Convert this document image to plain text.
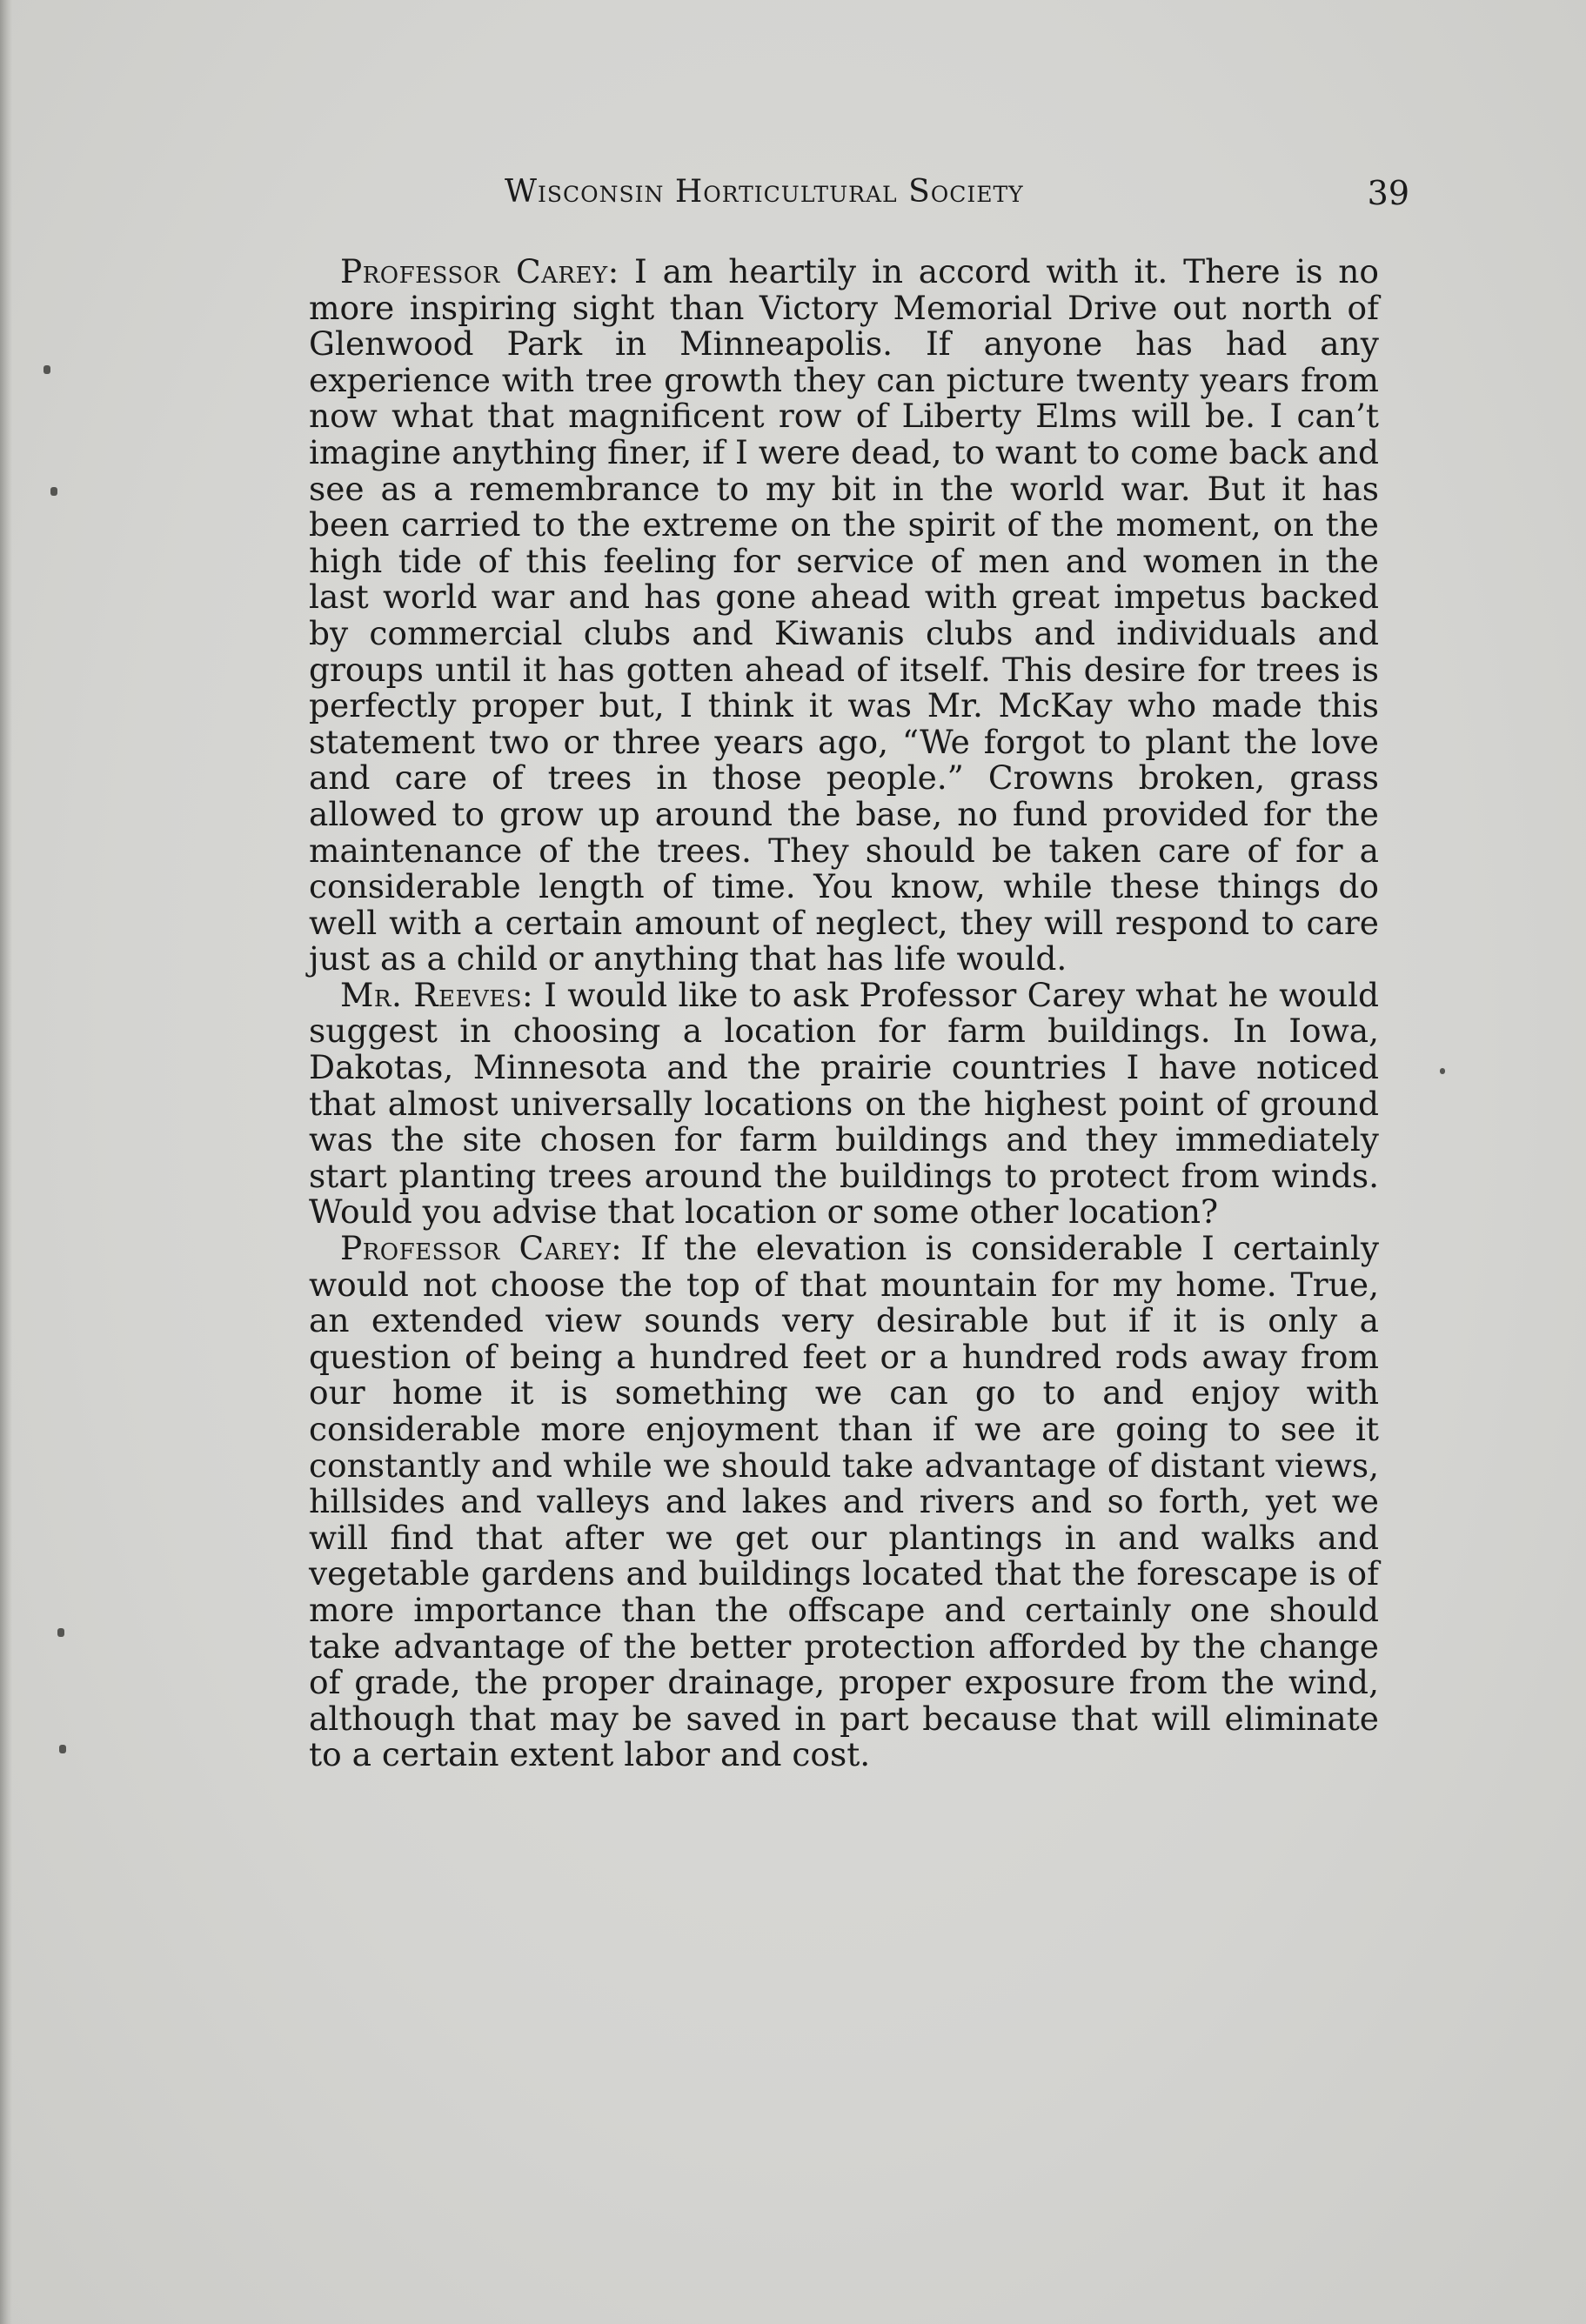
Wisconsin Horticultural Society	39

Professor Carey: I am heartily in accord with it. There is no more inspiring sight than Victory Memorial Drive out north of Glenwood Park in Minneapolis. If anyone has had any experience with tree growth they can picture twenty years from now what that magnificent row of Liberty Elms will be. I can’t imagine anything finer, if I were dead, to want to come back and see as a remembrance to my bit in the world war. But it has been carried to the extreme on the spirit of the moment, on the high tide of this feeling for service of men and women in the last world war and has gone ahead with great impetus backed by commercial clubs and Kiwanis clubs and individuals and groups until it has gotten ahead of itself. This desire for trees is perfectly proper but, I think it was Mr. McKay who made this statement two or three years ago, “We forgot to plant the love and care of trees in those people.” Crowns broken, grass allowed to grow up around the base, no fund provided for the maintenance of the trees. They should be taken care of for a considerable length of time. You know, while these things do well with a certain amount of neglect, they will respond to care just as a child or anything that has life would.

Mr. Reeves: I would like to ask Professor Carey what he would suggest in choosing a location for farm buildings. In Iowa, Dakotas, Minnesota and the prairie countries I have noticed that almost universally locations on the highest point of ground was the site chosen for farm buildings and they immediately start planting trees around the buildings to protect from winds. Would you advise that location or some other location?

Professor Carey: If the elevation is considerable I certainly would not choose the top of that mountain for my home. True, an extended view sounds very desirable but if it is only a question of being a hundred feet or a hundred rods away from our home it is something we can go to and enjoy with considerable more enjoyment than if we are going to see it constantly and while we should take advantage of distant views, hillsides and valleys and lakes and rivers and so forth, yet we will find that after we get our plantings in and walks and vegetable gardens and buildings located that the forescape is of more importance than the offscape and certainly one should take advantage of the better protection afforded by the change of grade, the proper drainage, proper exposure from the wind, although that may be saved in part because that will eliminate to a certain extent labor and cost.
